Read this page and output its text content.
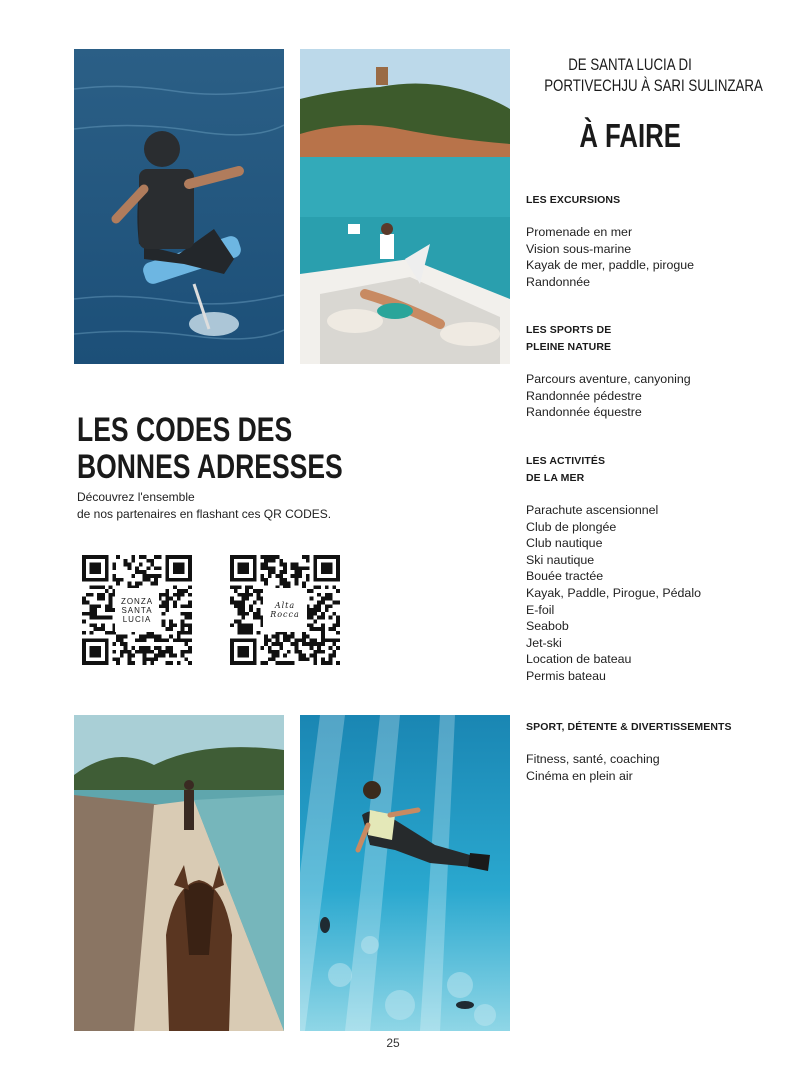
DE SANTA LUCIA DI
PORTIVECHJU À SARI SULINZARA
À FAIRE
LES EXCURSIONS
Promenade en mer
Vision sous-marine
Kayak de mer, paddle, pirogue
Randonnée
LES SPORTS DE
PLEINE NATURE
Parcours aventure, canyoning
Randonnée pédestre
Randonnée équestre
LES ACTIVITÉS
DE LA MER
Parachute ascensionnel
Club de plongée
Club nautique
Ski nautique
Bouée tractée
Kayak, Paddle, Pirogue, Pédalo
E-foil
Seabob
Jet-ski
Location de bateau
Permis bateau
SPORT, DÉTENTE & DIVERTISSEMENTS
Fitness, santé, coaching
Cinéma en plein air
LES CODES DES
BONNES ADRESSES
Découvrez l'ensemble
de nos partenaires en flashant ces QR CODES.
ZONZA SANTA LUCIA
Alta Rocca
25
